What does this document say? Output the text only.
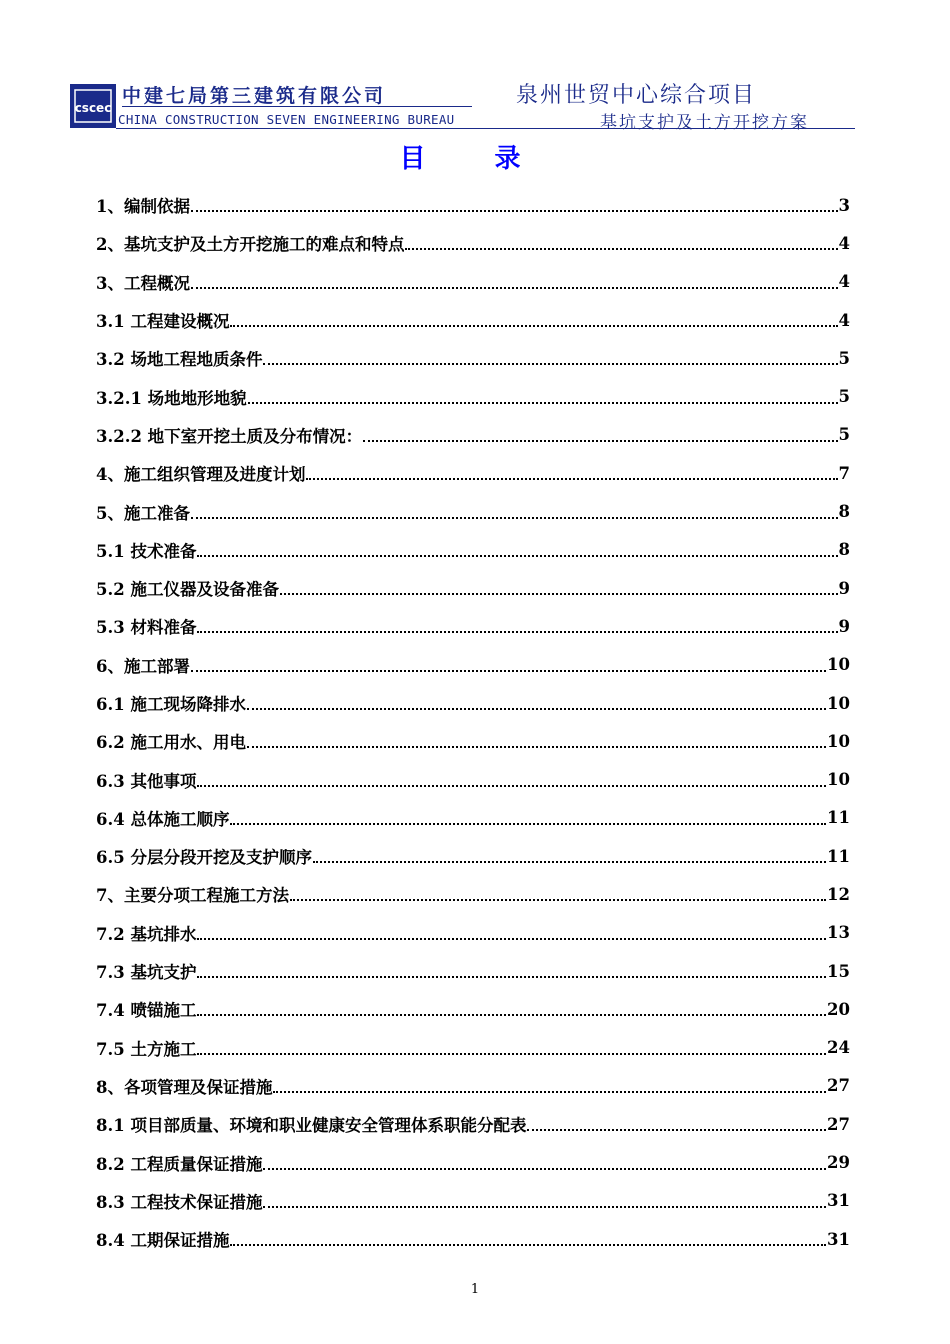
cscec
中建七局第三建筑有限公司
CHINA CONSTRUCTION SEVEN ENGINEERING BUREAU
泉州世贸中心综合项目
基坑支护及土方开挖方案
目 录
1、编制依据	3
2、基坑支护及土方开挖施工的难点和特点	4
3、工程概况	4
3.1 工程建设概况	4
3.2 场地工程地质条件	5
3.2.1 场地地形地貌	5
3.2.2 地下室开挖土质及分布情况：	5
4、施工组织管理及进度计划	7
5、施工准备	8
5.1 技术准备	8
5.2 施工仪器及设备准备	9
5.3 材料准备	9
6、施工部署	10
6.1 施工现场降排水	10
6.2 施工用水、用电	10
6.3 其他事项	10
6.4 总体施工顺序	11
6.5 分层分段开挖及支护顺序	11
7、主要分项工程施工方法	12
7.2 基坑排水	13
7.3 基坑支护	15
7.4 喷锚施工	20
7.5 土方施工	24
8、各项管理及保证措施	27
8.1 项目部质量、环境和职业健康安全管理体系职能分配表	27
8.2 工程质量保证措施	29
8.3 工程技术保证措施	31
8.4 工期保证措施	31
1
